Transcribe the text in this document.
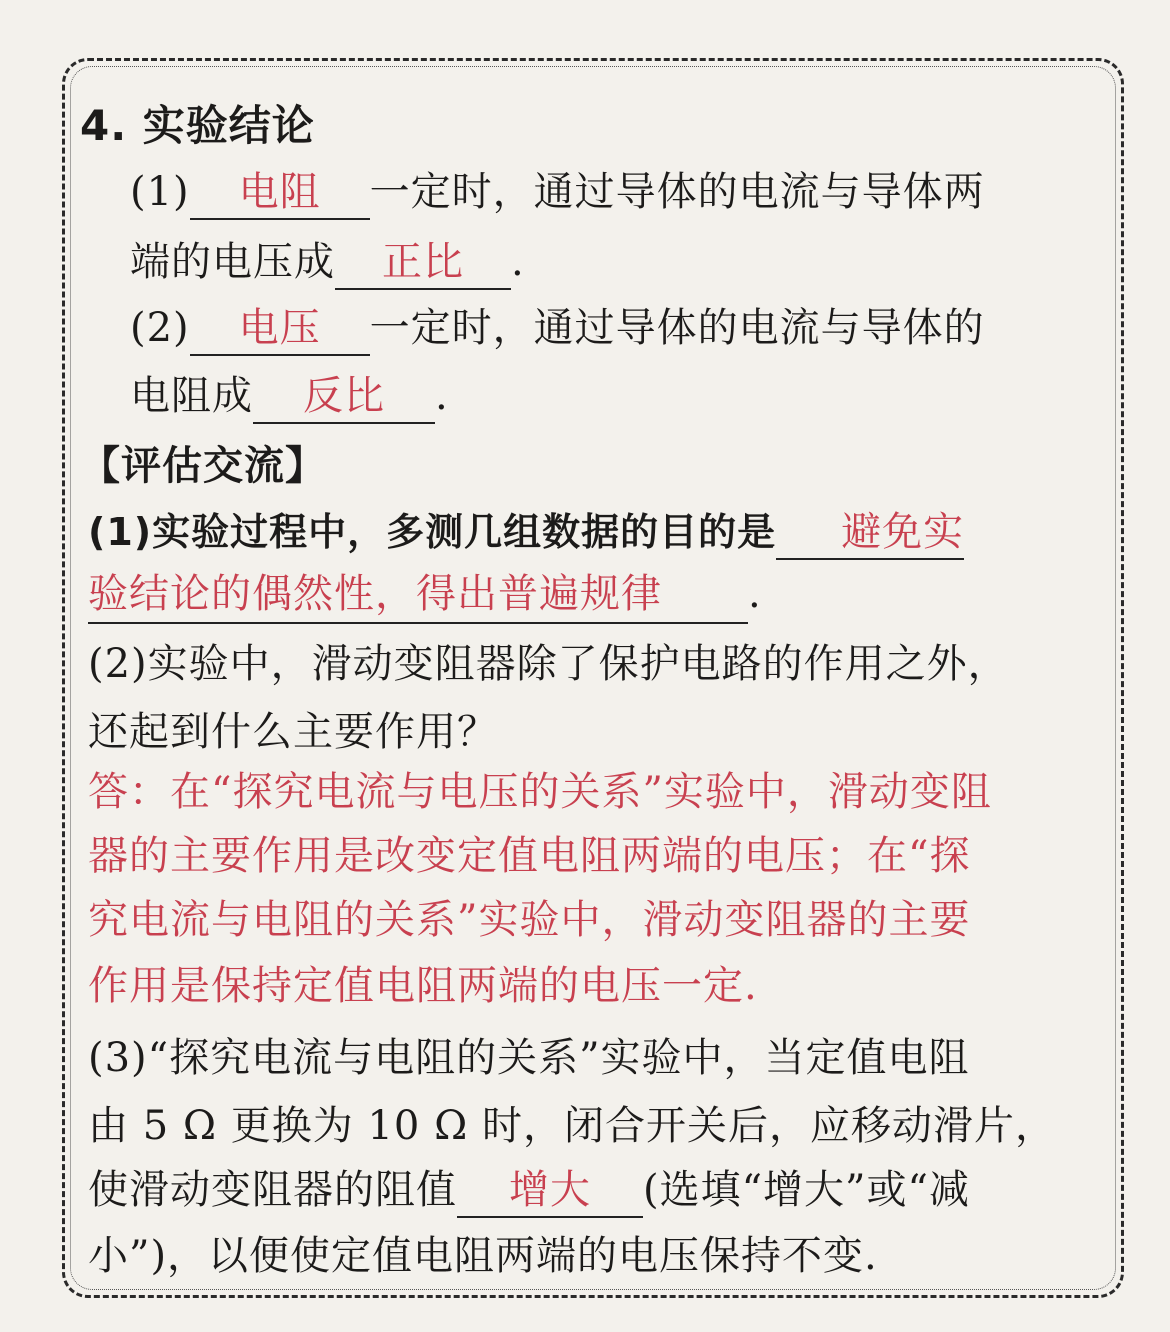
4. 实验结论
(1) 电阻 一定时，通过导体的电流与导体两
端的电压成 正比 .
(2) 电压 一定时，通过导体的电流与导体的
电阻成 反比 .
【评估交流】
(1)实验过程中，多测几组数据的目的是 避免实
验结论的偶然性，得出普遍规律 .
(2)实验中，滑动变阻器除了保护电路的作用之外，
还起到什么主要作用？
答：在“探究电流与电压的关系”实验中，滑动变阻
器的主要作用是改变定值电阻两端的电压；在“探
究电流与电阻的关系”实验中，滑动变阻器的主要
作用是保持定值电阻两端的电压一定.
(3)“探究电流与电阻的关系”实验中，当定值电阻
由 5 Ω 更换为 10 Ω 时，闭合开关后，应移动滑片，
使滑动变阻器的阻值 增大 (选填“增大”或“减
小”)，以便使定值电阻两端的电压保持不变.
